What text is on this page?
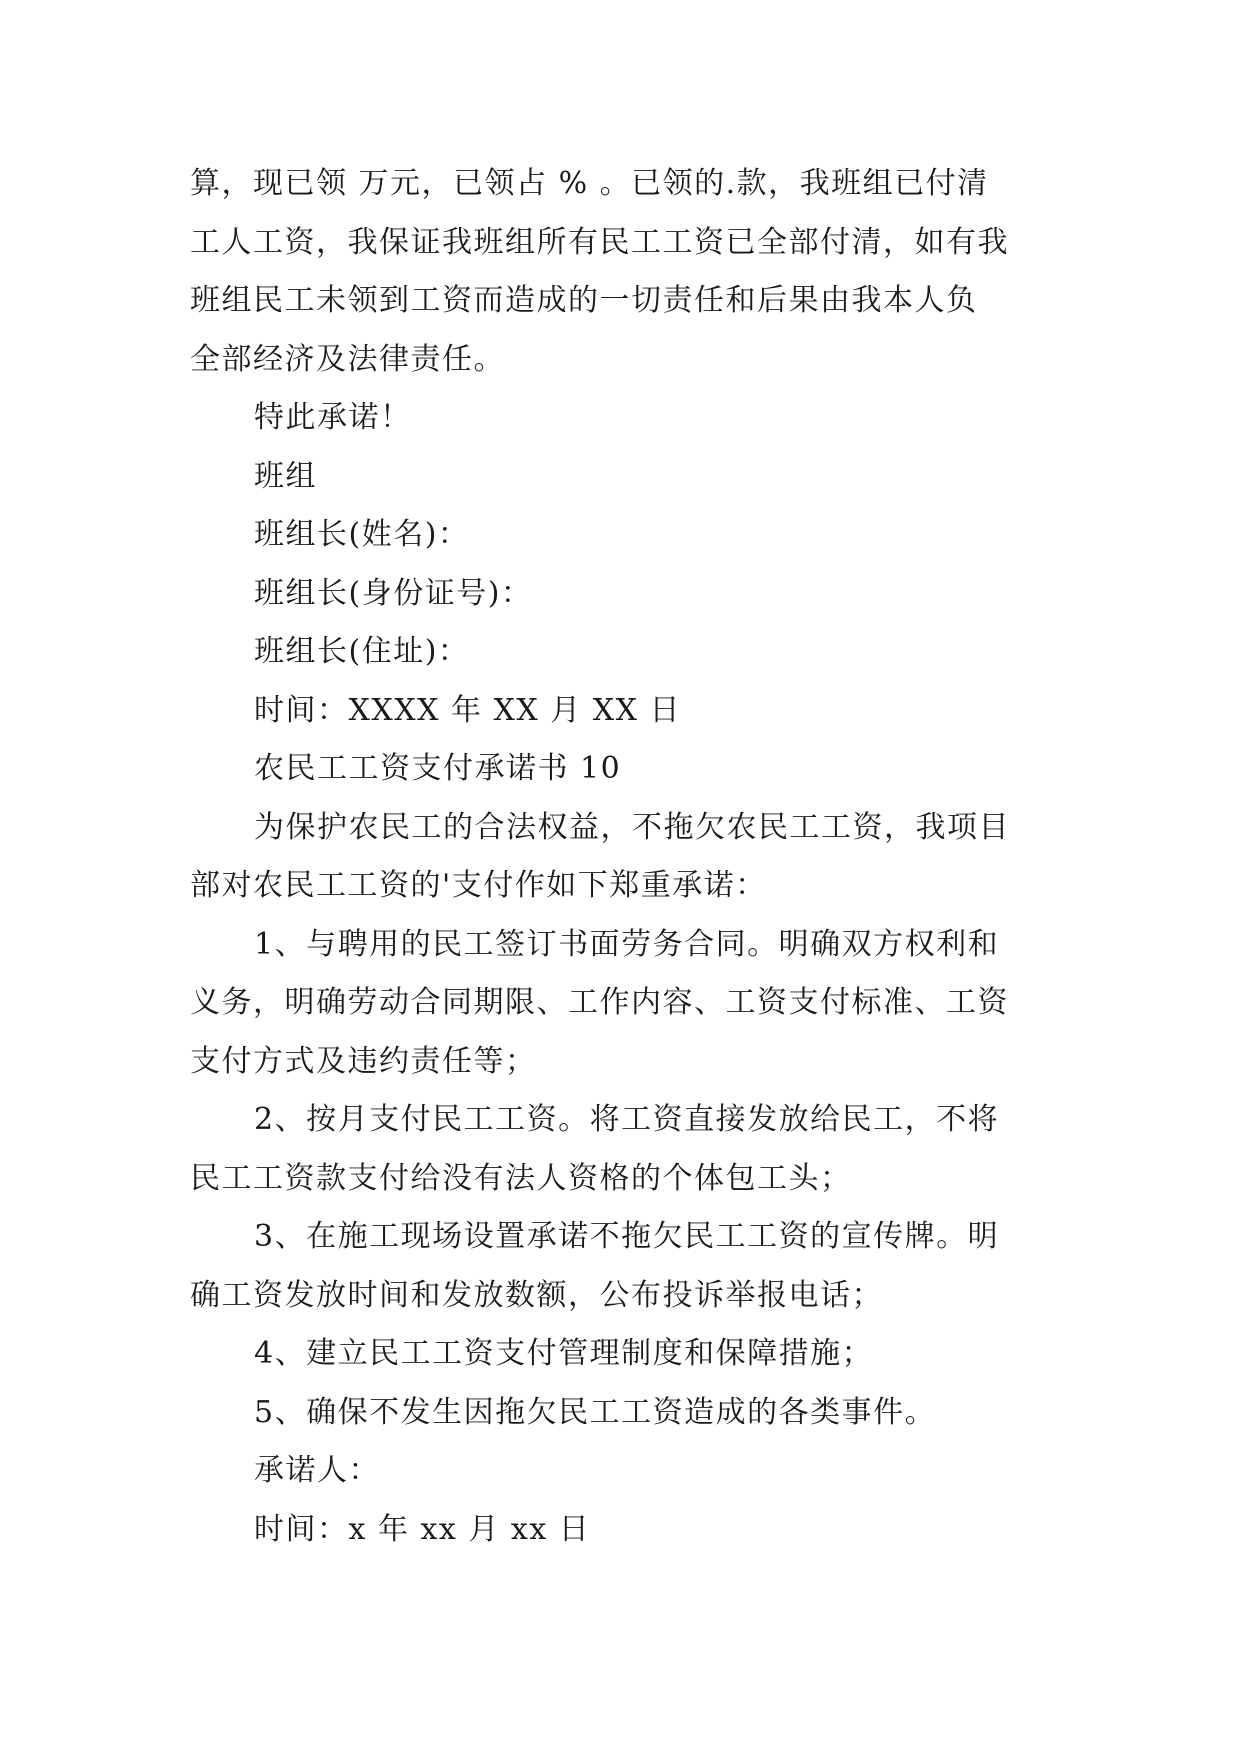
算，现已领 万元，已领占 % 。已领的.款，我班组已付清
工人工资，我保证我班组所有民工工资已全部付清，如有我
班组民工未领到工资而造成的一切责任和后果由我本人负
全部经济及法律责任。
特此承诺！
班组
班组长(姓名)：
班组长(身份证号)：
班组长(住址)：
时间：XXXX 年 XX 月 XX 日
农民工工资支付承诺书 10
为保护农民工的合法权益，不拖欠农民工工资，我项目
部对农民工工资的'支付作如下郑重承诺：
1、与聘用的民工签订书面劳务合同。明确双方权利和
义务，明确劳动合同期限、工作内容、工资支付标准、工资
支付方式及违约责任等；
2、按月支付民工工资。将工资直接发放给民工，不将
民工工资款支付给没有法人资格的个体包工头；
3、在施工现场设置承诺不拖欠民工工资的宣传牌。明
确工资发放时间和发放数额，公布投诉举报电话；
4、建立民工工资支付管理制度和保障措施；
5、确保不发生因拖欠民工工资造成的各类事件。
承诺人：
时间：x 年 xx 月 xx 日
